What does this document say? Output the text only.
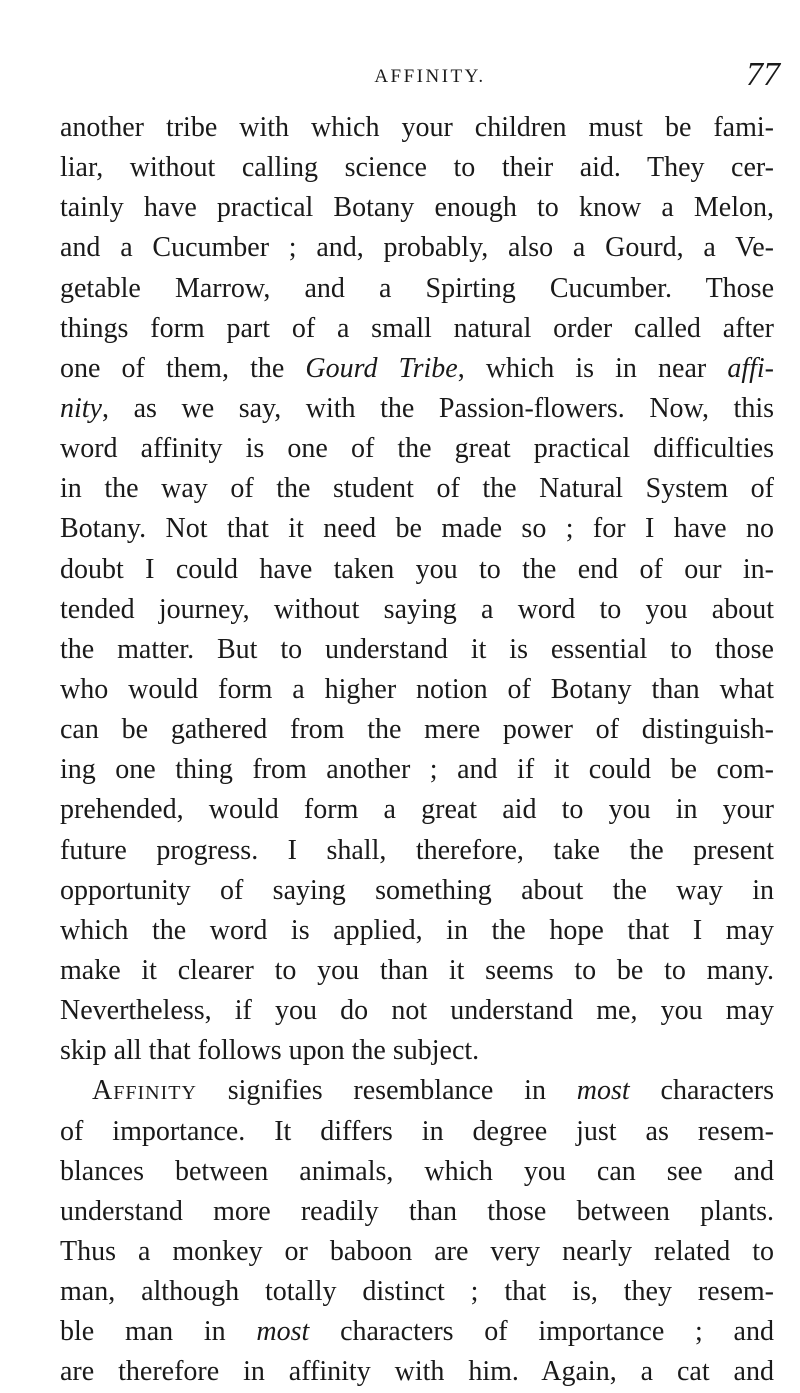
AFFINITY.	77
another tribe with which your children must be fami-
liar, without calling science to their aid. They cer-
tainly have practical Botany enough to know a Melon,
and a Cucumber ; and, probably, also a Gourd, a Ve-
getable Marrow, and a Spirting Cucumber. Those
things form part of a small natural order called after
one of them, the Gourd Tribe, which is in near affi-
nity, as we say, with the Passion-flowers. Now, this
word affinity is one of the great practical difficulties
in the way of the student of the Natural System of
Botany. Not that it need be made so ; for I have no
doubt I could have taken you to the end of our in-
tended journey, without saying a word to you about
the matter. But to understand it is essential to those
who would form a higher notion of Botany than what
can be gathered from the mere power of distinguish-
ing one thing from another ; and if it could be com-
prehended, would form a great aid to you in your
future progress. I shall, therefore, take the present
opportunity of saying something about the way in
which the word is applied, in the hope that I may
make it clearer to you than it seems to be to many.
Nevertheless, if you do not understand me, you may
skip all that follows upon the subject.
Affinity signifies resemblance in most characters
of importance. It differs in degree just as resem-
blances between animals, which you can see and
understand more readily than those between plants.
Thus a monkey or baboon are very nearly related to
man, although totally distinct ; that is, they resem-
ble man in most characters of importance ; and
are therefore in affinity with him. Again, a cat and
